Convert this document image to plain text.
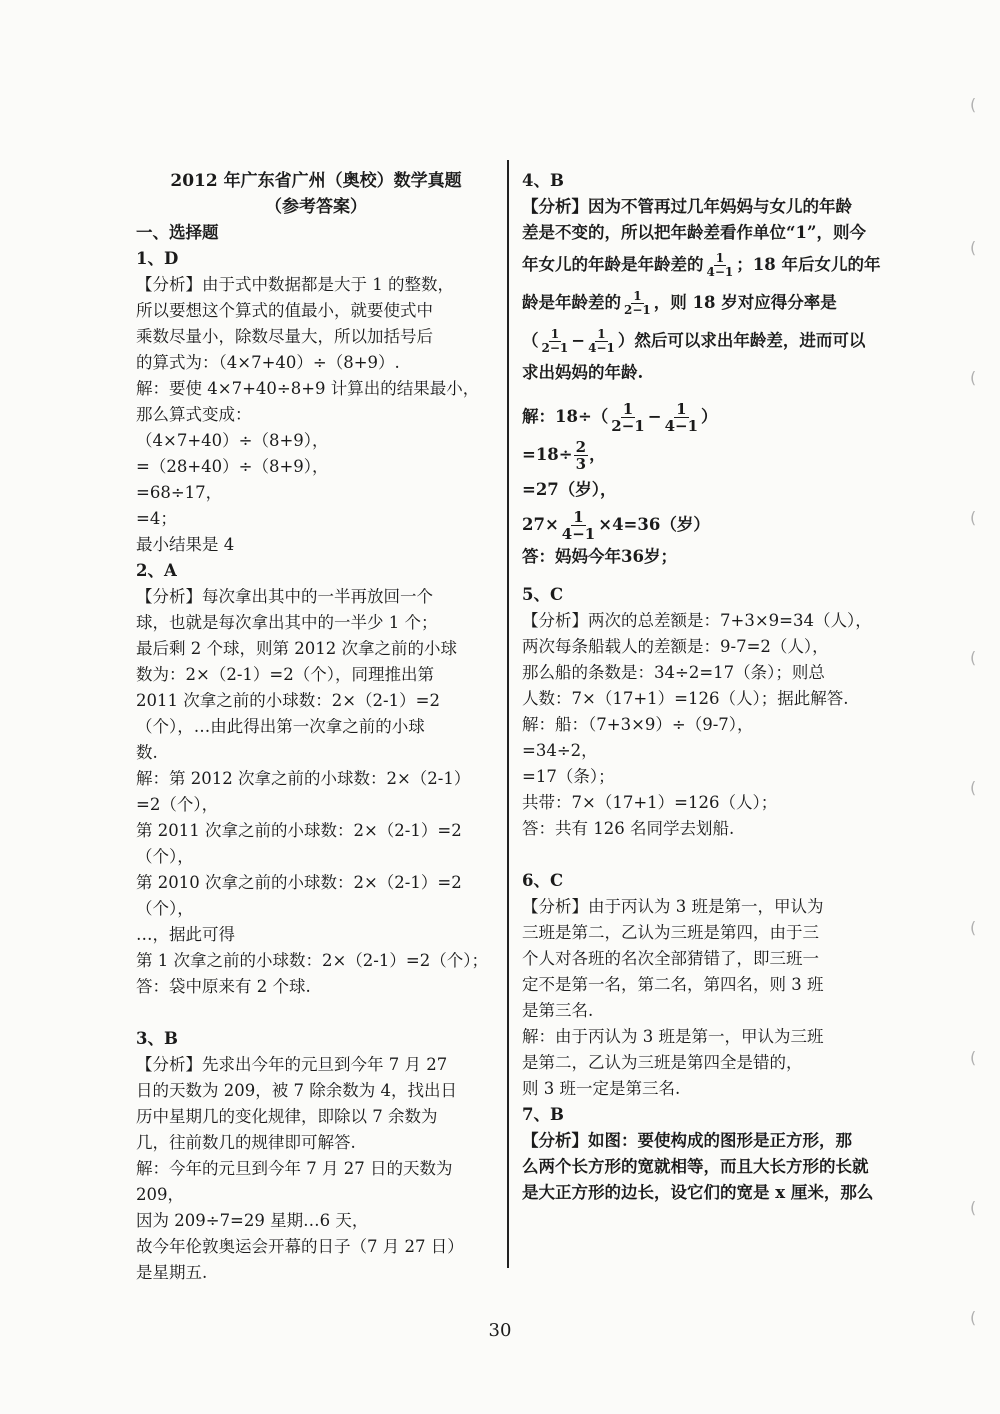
2012 年广东省广州（奥校）数学真题
（参考答案）
一、选择题
1、D
【分析】由于式中数据都是大于 1 的整数，
所以要想这个算式的值最小，就要使式中
乘数尽量小，除数尽量大，所以加括号后
的算式为：（4×7+40）÷（8+9）.
解：要使 4×7+40÷8+9 计算出的结果最小，
那么算式变成：
（4×7+40）÷（8+9），
=（28+40）÷（8+9），
=68÷17，
=4；
最小结果是 4
2、A
【分析】每次拿出其中的一半再放回一个
球，也就是每次拿出其中的一半少 1 个；
最后剩 2 个球，则第 2012 次拿之前的小球
数为：2×（2-1）=2（个），同理推出第
2011 次拿之前的小球数：2×（2-1）=2
（个），…由此得出第一次拿之前的小球
数.
解：第 2012 次拿之前的小球数：2×（2-1）
=2（个），
第 2011 次拿之前的小球数：2×（2-1）=2
（个），
第 2010 次拿之前的小球数：2×（2-1）=2
（个），
…，据此可得
第 1 次拿之前的小球数：2×（2-1）=2（个）；
答：袋中原来有 2 个球.
3、B
【分析】先求出今年的元旦到今年 7 月 27
日的天数为 209，被 7 除余数为 4，找出日
历中星期几的变化规律，即除以 7 余数为
几，往前数几的规律即可解答.
解：今年的元旦到今年 7 月 27 日的天数为
209，
因为 209÷7=29 星期…6 天，
故今年伦敦奥运会开幕的日子（7 月 27 日）
是星期五.
4、B
【分析】因为不管再过几年妈妈与女儿的年龄
差是不变的，所以把年龄差看作单位“1”，则今
年女儿的年龄是年龄差的 $\frac{1}{4-1}$ ；18 年后女儿的年
龄是年龄差的 $\frac{1}{2-1}$ ，则 18 岁对应得分率是
（ $\frac{1}{2-1} - \frac{1}{4-1}$ ）然后可以求出年龄差，进而可以
求出妈妈的年龄.
解：$18\div( \frac{1}{2-1} - \frac{1}{4-1}$ ）
$=18\div \frac{2}{3}$ ，
=27（岁），
$27\times \frac{1}{4-1} \times 4=36$（岁）
答：妈妈今年36岁；
5、C
【分析】两次的总差额是：7+3×9=34（人），
两次每条船载人的差额是：9-7=2（人），
那么船的条数是：34÷2=17（条）；则总
人数：7×（17+1）=126（人）；据此解答.
解：船：（7+3×9）÷（9-7），
=34÷2，
=17（条）；
共带：7×（17+1）=126（人）；
答：共有 126 名同学去划船.
6、C
【分析】由于丙认为 3 班是第一，甲认为
三班是第二，乙认为三班是第四，由于三
个人对各班的名次全部猜错了，即三班一
定不是第一名，第二名，第四名，则 3 班
是第三名.
解：由于丙认为 3 班是第一，甲认为三班
是第二，乙认为三班是第四全是错的，
则 3 班一定是第三名.
7、B
【分析】如图：要使构成的图形是正方形，那
么两个长方形的宽就相等，而且大长方形的长就
是大正方形的边长，设它们的宽是 x 厘米，那么
30
(
(
(
(
(
(
(
(
(
(
